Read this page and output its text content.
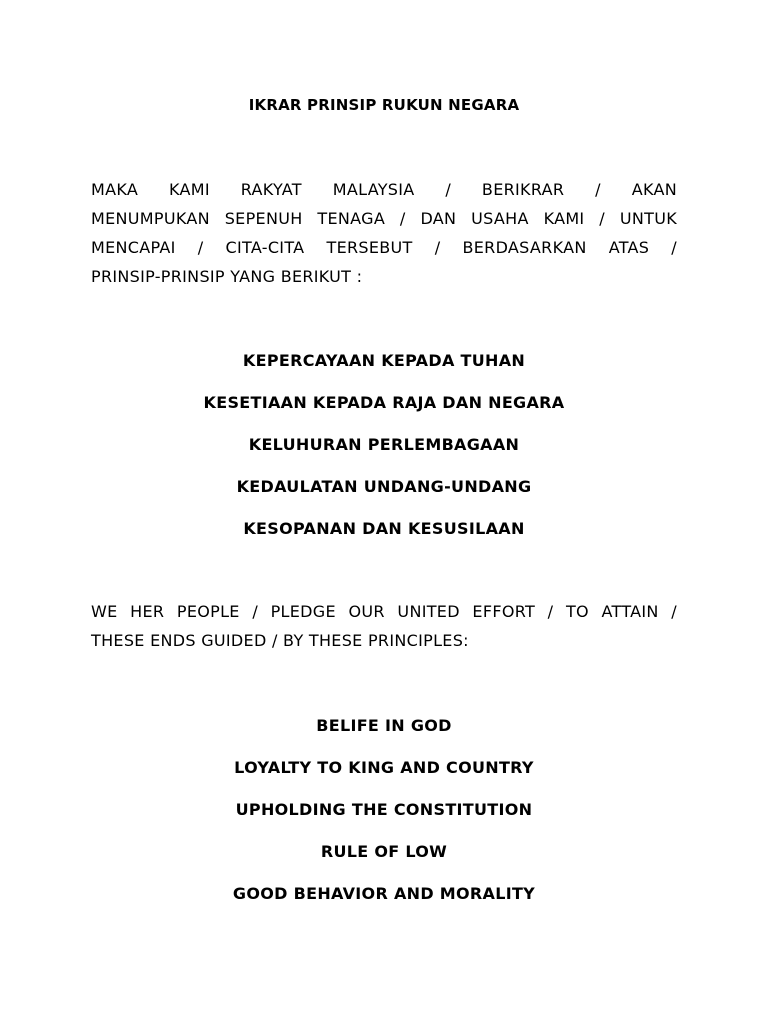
IKRAR PRINSIP RUKUN NEGARA
MAKA KAMI RAKYAT MALAYSIA / BERIKRAR / AKAN
MENUMPUKAN SEPENUH TENAGA / DAN USAHA KAMI / UNTUK
MENCAPAI / CITA-CITA TERSEBUT / BERDASARKAN ATAS /
PRINSIP-PRINSIP YANG BERIKUT :
KEPERCAYAAN KEPADA TUHAN
KESETIAAN KEPADA RAJA DAN NEGARA
KELUHURAN PERLEMBAGAAN
KEDAULATAN UNDANG-UNDANG
KESOPANAN DAN KESUSILAAN
WE HER PEOPLE / PLEDGE OUR UNITED EFFORT / TO ATTAIN /
THESE ENDS GUIDED / BY THESE PRINCIPLES:
BELIFE IN GOD
LOYALTY TO KING AND COUNTRY
UPHOLDING THE CONSTITUTION
RULE OF LOW
GOOD BEHAVIOR AND MORALITY
